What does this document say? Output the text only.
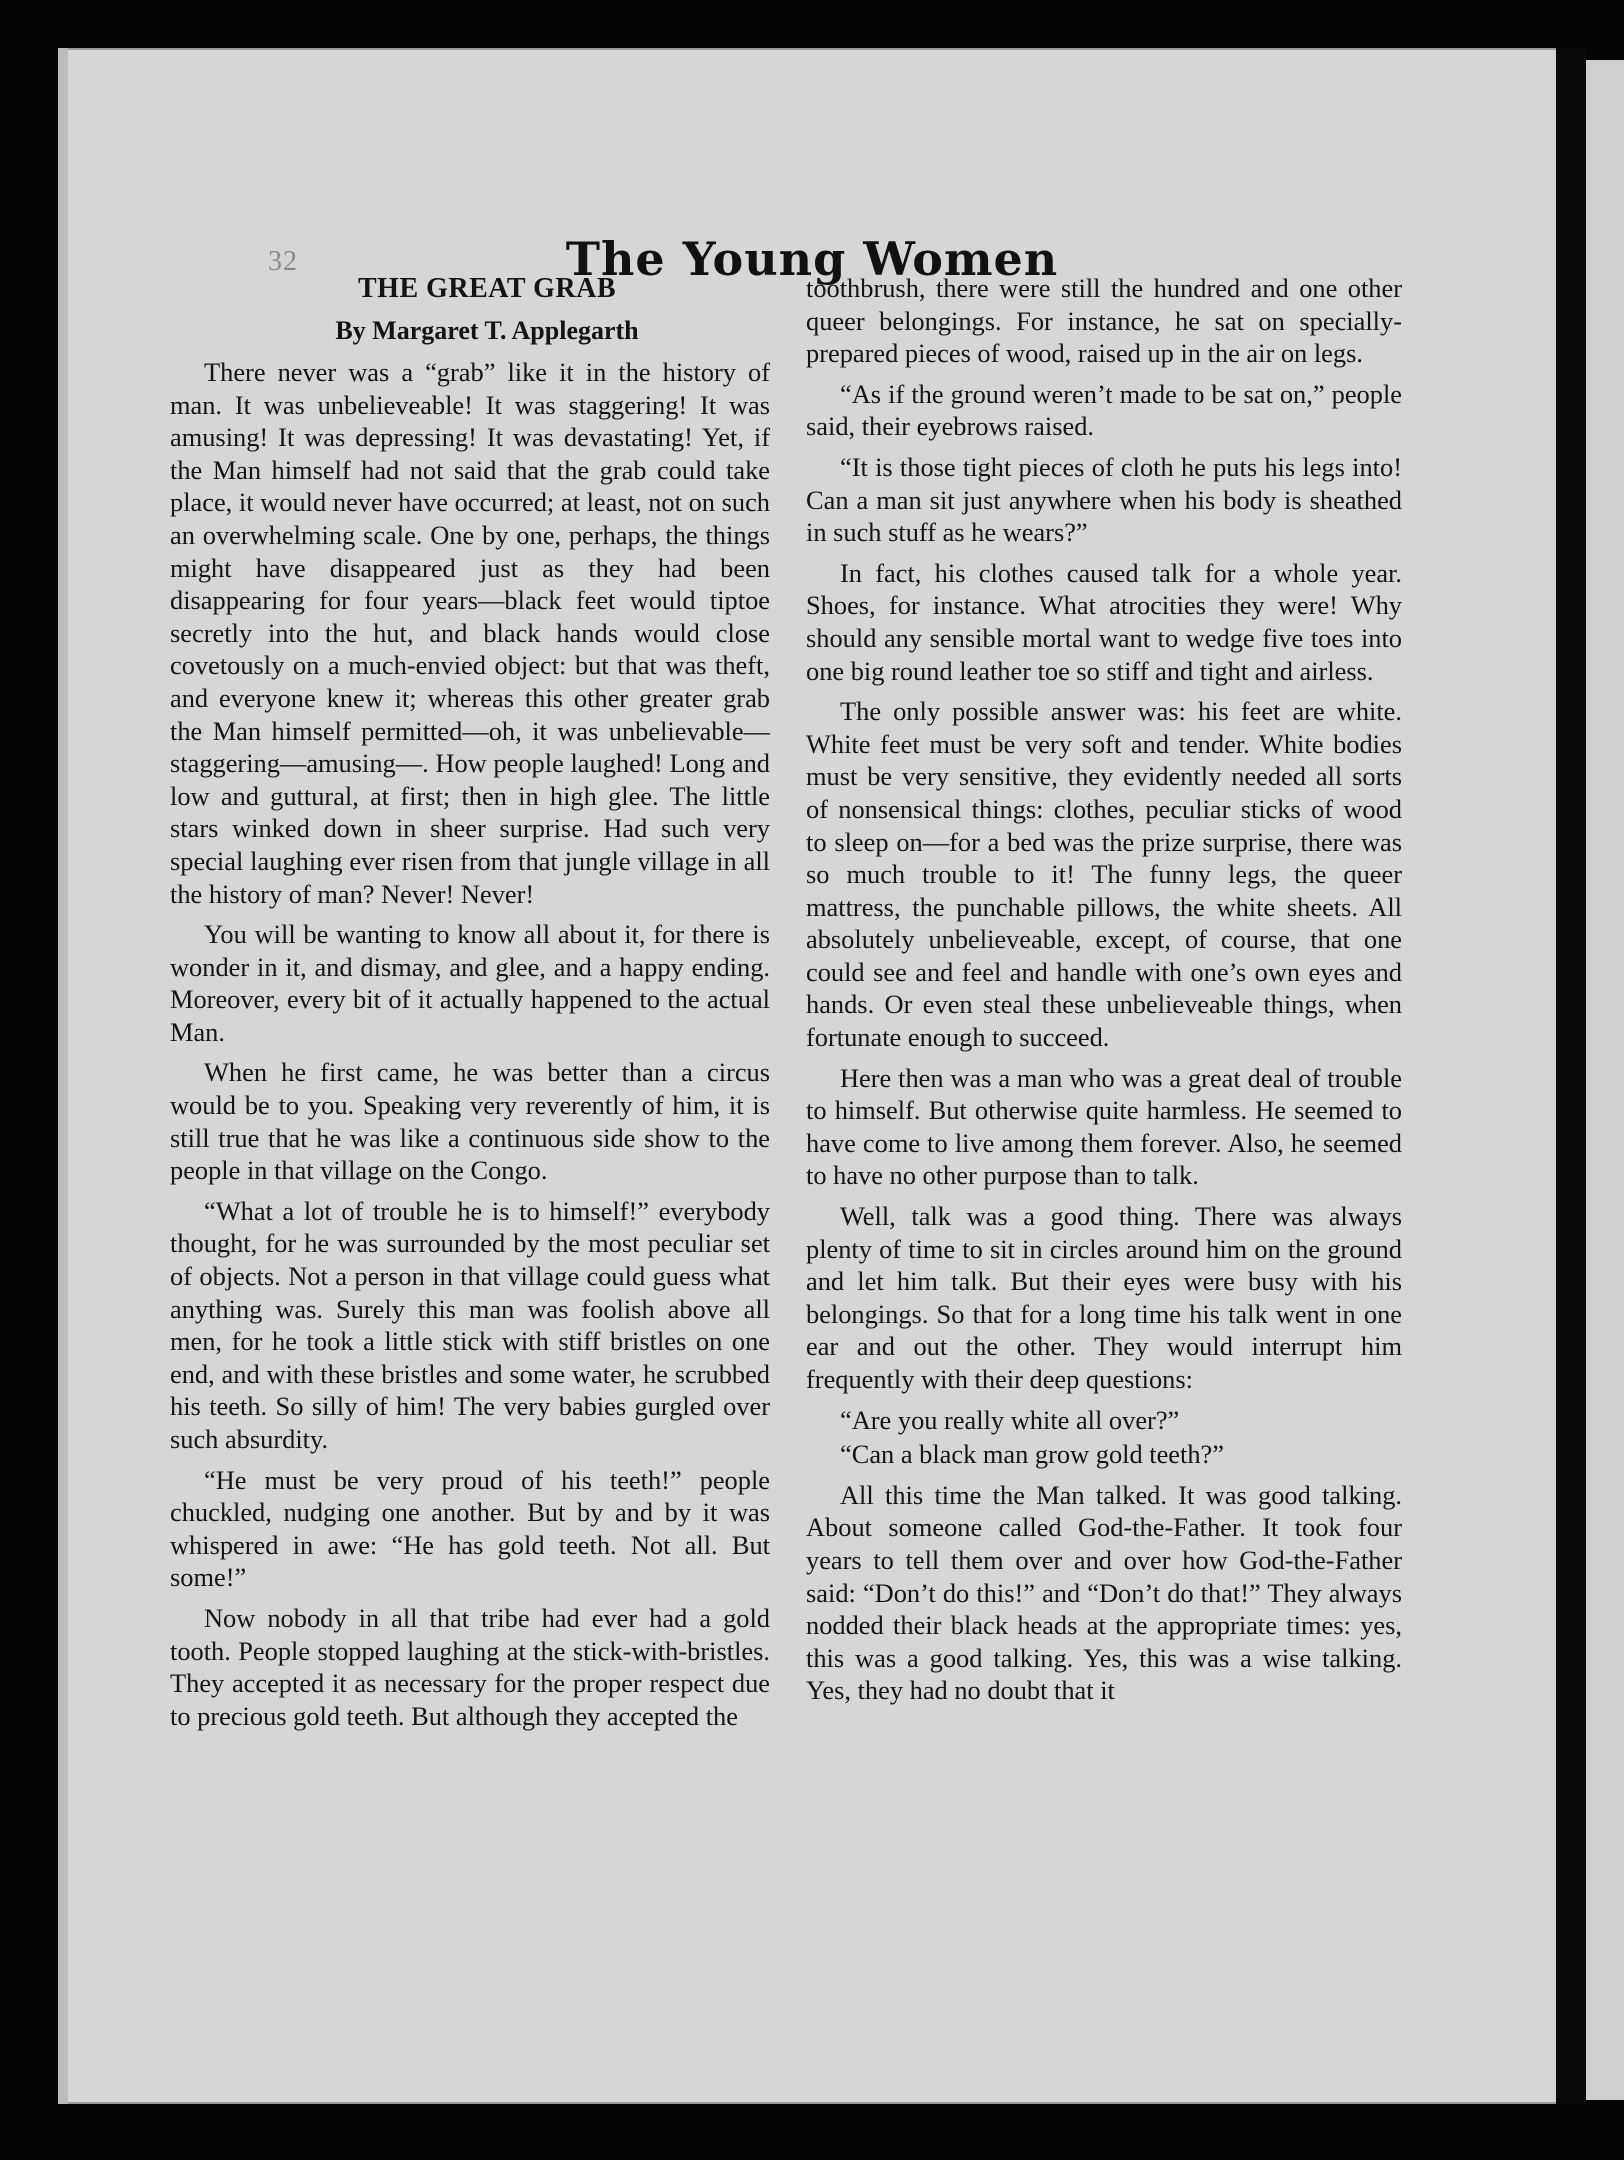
32	The Young Women

THE GREAT GRAB

By Margaret T. Applegarth

There never was a “grab” like it in the history of man. It was unbelieveable! It was staggering! It was amusing! It was depressing! It was devastating! Yet, if the Man himself had not said that the grab could take place, it would never have occurred; at least, not on such an overwhelming scale. One by one, perhaps, the things might have disappeared just as they had been disappearing for four years—black feet would tiptoe secretly into the hut, and black hands would close covetously on a much-envied object: but that was theft, and everyone knew it; whereas this other greater grab the Man himself permitted—oh, it was unbelievable—staggering—amusing—. How people laughed! Long and low and guttural, at first; then in high glee. The little stars winked down in sheer surprise. Had such very special laughing ever risen from that jungle village in all the history of man? Never! Never!

You will be wanting to know all about it, for there is wonder in it, and dismay, and glee, and a happy ending. Moreover, every bit of it actually happened to the actual Man.

When he first came, he was better than a circus would be to you. Speaking very reverently of him, it is still true that he was like a continuous side show to the people in that village on the Congo.

“What a lot of trouble he is to himself!” everybody thought, for he was surrounded by the most peculiar set of objects. Not a person in that village could guess what anything was. Surely this man was foolish above all men, for he took a little stick with stiff bristles on one end, and with these bristles and some water, he scrubbed his teeth. So silly of him! The very babies gurgled over such absurdity.

“He must be very proud of his teeth!” people chuckled, nudging one another. But by and by it was whispered in awe: “He has gold teeth. Not all. But some!”

Now nobody in all that tribe had ever had a gold tooth. People stopped laughing at the stick-with-bristles. They accepted it as necessary for the proper respect due to precious gold teeth. But although they accepted the

toothbrush, there were still the hundred and one other queer belongings. For instance, he sat on specially-prepared pieces of wood, raised up in the air on legs.

“As if the ground weren’t made to be sat on,” people said, their eyebrows raised.

“It is those tight pieces of cloth he puts his legs into! Can a man sit just anywhere when his body is sheathed in such stuff as he wears?”

In fact, his clothes caused talk for a whole year. Shoes, for instance. What atrocities they were! Why should any sensible mortal want to wedge five toes into one big round leather toe so stiff and tight and airless.

The only possible answer was: his feet are white. White feet must be very soft and tender. White bodies must be very sensitive, they evidently needed all sorts of nonsensical things: clothes, peculiar sticks of wood to sleep on—for a bed was the prize surprise, there was so much trouble to it! The funny legs, the queer mattress, the punchable pillows, the white sheets. All absolutely unbelieveable, except, of course, that one could see and feel and handle with one’s own eyes and hands. Or even steal these unbelieveable things, when fortunate enough to succeed.

Here then was a man who was a great deal of trouble to himself. But otherwise quite harmless. He seemed to have come to live among them forever. Also, he seemed to have no other purpose than to talk.

Well, talk was a good thing. There was always plenty of time to sit in circles around him on the ground and let him talk. But their eyes were busy with his belongings. So that for a long time his talk went in one ear and out the other. They would interrupt him frequently with their deep questions:

“Are you really white all over?”

“Can a black man grow gold teeth?”

All this time the Man talked. It was good talking. About someone called God-the-Father. It took four years to tell them over and over how God-the-Father said: “Don’t do this!” and “Don’t do that!” They always nodded their black heads at the appropriate times: yes, this was a good talking. Yes, this was a wise talking. Yes, they had no doubt that it
